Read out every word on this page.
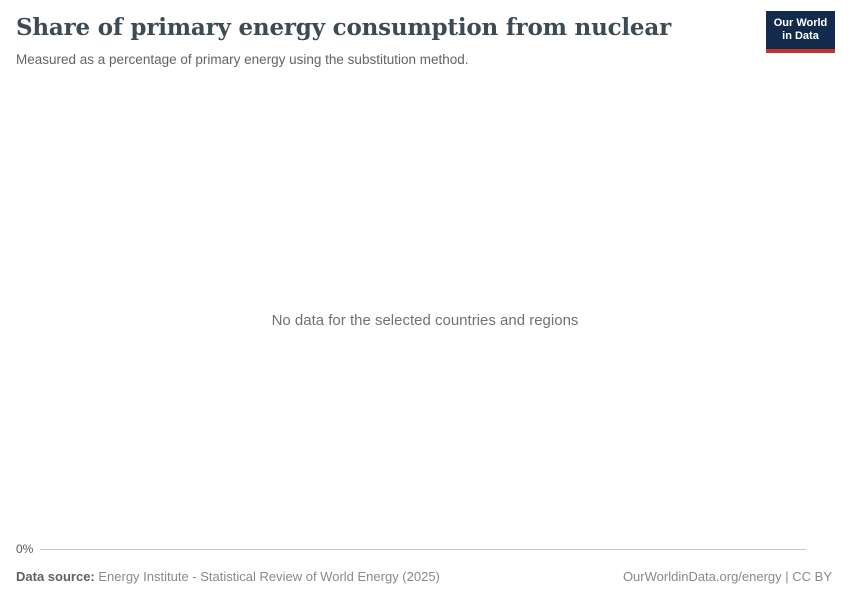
Share of primary energy consumption from nuclear
Measured as a percentage of primary energy using the substitution method.
Our World
in Data
No data for the selected countries and regions
0%
Data source: Energy Institute - Statistical Review of World Energy (2025)	OurWorldinData.org/energy | CC BY
